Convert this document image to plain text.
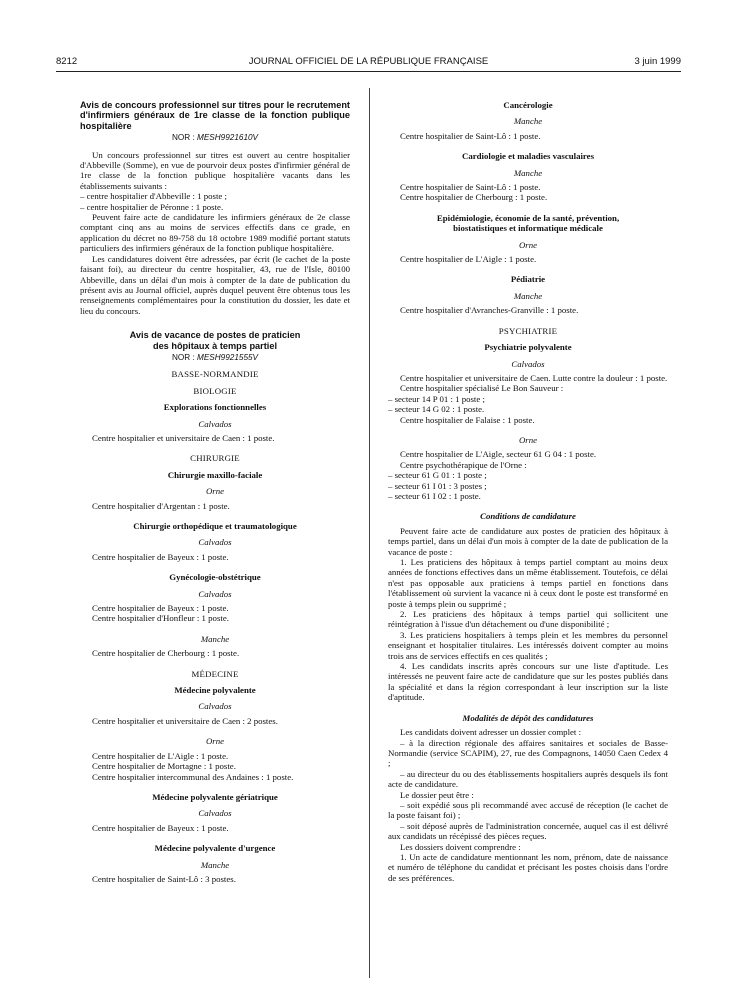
8212	JOURNAL OFFICIEL DE LA RÉPUBLIQUE FRANÇAISE	3 juin 1999

Avis de concours professionnel sur titres pour le recrutement d'infirmiers généraux de 1re classe de la fonction publique hospitalière

NOR : MESH9921610V

Un concours professionnel sur titres est ouvert au centre hospitalier d'Abbeville (Somme), en vue de pourvoir deux postes d'infirmier général de 1re classe de la fonction publique hospitalière vacants dans les établissements suivants :

– centre hospitalier d'Abbeville : 1 poste ;

– centre hospitalier de Péronne : 1 poste.

Peuvent faire acte de candidature les infirmiers généraux de 2e classe comptant cinq ans au moins de services effectifs dans ce grade, en application du décret no 89-758 du 18 octobre 1989 modifié portant statuts particuliers des infirmiers généraux de la fonction publique hospitalière.

Les candidatures doivent être adressées, par écrit (le cachet de la poste faisant foi), au directeur du centre hospitalier, 43, rue de l'Isle, 80100 Abbeville, dans un délai d'un mois à compter de la date de publication du présent avis au Journal officiel, auprès duquel peuvent être obtenus tous les renseignements complémentaires pour la constitution du dossier, les date et lieu du concours.

Avis de vacance de postes de praticien

des hôpitaux à temps partiel

NOR : MESH9921555V

BASSE-NORMANDIE

BIOLOGIE

Explorations fonctionnelles

Calvados

Centre hospitalier et universitaire de Caen : 1 poste.

CHIRURGIE

Chirurgie maxillo-faciale

Orne

Centre hospitalier d'Argentan : 1 poste.

Chirurgie orthopédique et traumatologique

Calvados

Centre hospitalier de Bayeux : 1 poste.

Gynécologie-obstétrique

Calvados

Centre hospitalier de Bayeux : 1 poste.

Centre hospitalier d'Honfleur : 1 poste.

Manche

Centre hospitalier de Cherbourg : 1 poste.

MÉDECINE

Médecine polyvalente

Calvados

Centre hospitalier et universitaire de Caen : 2 postes.

Orne

Centre hospitalier de L'Aigle : 1 poste.

Centre hospitalier de Mortagne : 1 poste.

Centre hospitalier intercommunal des Andaines : 1 poste.

Médecine polyvalente gériatrique

Calvados

Centre hospitalier de Bayeux : 1 poste.

Médecine polyvalente d'urgence

Manche

Centre hospitalier de Saint-Lô : 3 postes.

Cancérologie

Manche

Centre hospitalier de Saint-Lô : 1 poste.

Cardiologie et maladies vasculaires

Manche

Centre hospitalier de Saint-Lô : 1 poste.

Centre hospitalier de Cherbourg : 1 poste.

Epidémiologie, économie de la santé, prévention,

biostatistiques et informatique médicale

Orne

Centre hospitalier de L'Aigle : 1 poste.

Pédiatrie

Manche

Centre hospitalier d'Avranches-Granville : 1 poste.

PSYCHIATRIE

Psychiatrie polyvalente

Calvados

Centre hospitalier et universitaire de Caen. Lutte contre la douleur : 1 poste.

Centre hospitalier spécialisé Le Bon Sauveur :

– secteur 14 P 01 : 1 poste ;

– secteur 14 G 02 : 1 poste.

Centre hospitalier de Falaise : 1 poste.

Orne

Centre hospitalier de L'Aigle, secteur 61 G 04 : 1 poste.

Centre psychothérapique de l'Orne :

– secteur 61 G 01 : 1 poste ;

– secteur 61 I 01 : 3 postes ;

– secteur 61 I 02 : 1 poste.

Conditions de candidature

Peuvent faire acte de candidature aux postes de praticien des hôpitaux à temps partiel, dans un délai d'un mois à compter de la date de publication de la vacance de poste :

1. Les praticiens des hôpitaux à temps partiel comptant au moins deux années de fonctions effectives dans un même établissement. Toutefois, ce délai n'est pas opposable aux praticiens à temps partiel en fonctions dans l'établissement où survient la vacance ni à ceux dont le poste est transformé en poste à temps plein ou supprimé ;

2. Les praticiens des hôpitaux à temps partiel qui sollicitent une réintégration à l'issue d'un détachement ou d'une disponibilité ;

3. Les praticiens hospitaliers à temps plein et les membres du personnel enseignant et hospitalier titulaires. Les intéressés doivent compter au moins trois ans de services effectifs en ces qualités ;

4. Les candidats inscrits après concours sur une liste d'aptitude. Les intéressés ne peuvent faire acte de candidature que sur les postes publiés dans la spécialité et dans la région correspondant à leur inscription sur la liste d'aptitude.

Modalités de dépôt des candidatures

Les candidats doivent adresser un dossier complet :

– à la direction régionale des affaires sanitaires et sociales de Basse-Normandie (service SCAPIM), 27, rue des Compagnons, 14050 Caen Cedex 4 ;

– au directeur du ou des établissements hospitaliers auprès desquels ils font acte de candidature.

Le dossier peut être :

– soit expédié sous pli recommandé avec accusé de réception (le cachet de la poste faisant foi) ;

– soit déposé auprès de l'administration concernée, auquel cas il est délivré aux candidats un récépissé des pièces reçues.

Les dossiers doivent comprendre :

1. Un acte de candidature mentionnant les nom, prénom, date de naissance et numéro de téléphone du candidat et précisant les postes choisis dans l'ordre de ses préférences.
